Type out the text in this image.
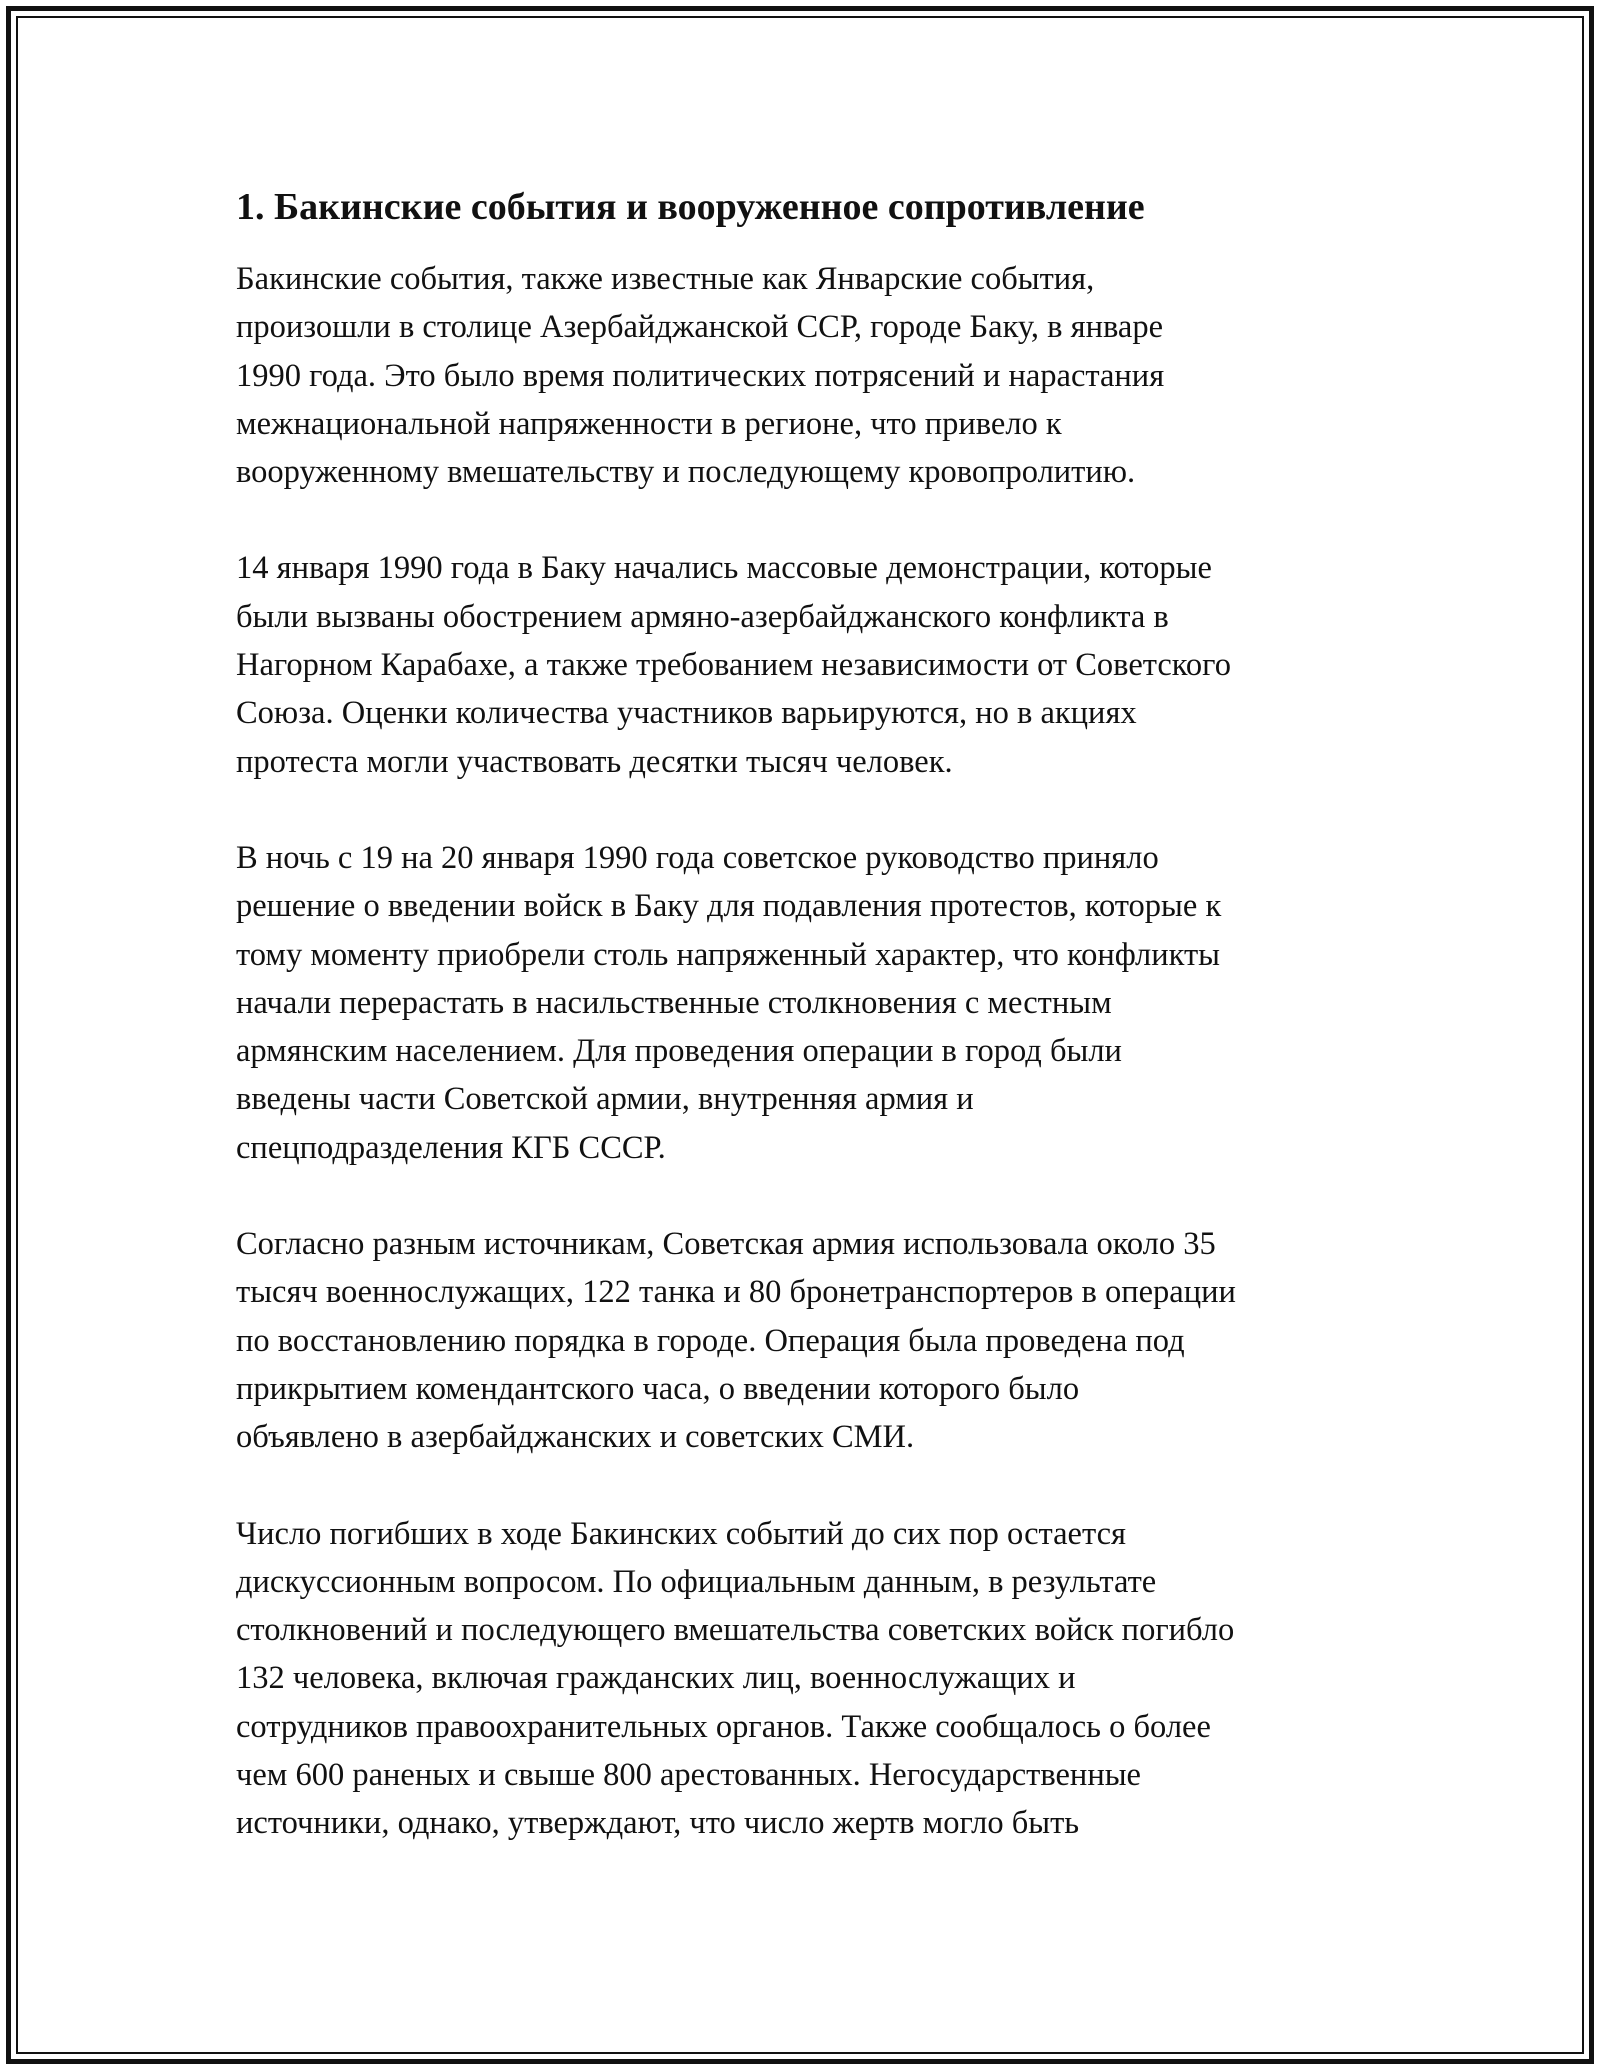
1. Бакинские события и вооруженное сопротивление

Бакинские события, также известные как Январские события,
произошли в столице Азербайджанской ССР, городе Баку, в январе
1990 года. Это было время политических потрясений и нарастания
межнациональной напряженности в регионе, что привело к
вооруженному вмешательству и последующему кровопролитию.

14 января 1990 года в Баку начались массовые демонстрации, которые
были вызваны обострением армяно-азербайджанского конфликта в
Нагорном Карабахе, а также требованием независимости от Советского
Союза. Оценки количества участников варьируются, но в акциях
протеста могли участвовать десятки тысяч человек.

В ночь с 19 на 20 января 1990 года советское руководство приняло
решение о введении войск в Баку для подавления протестов, которые к
тому моменту приобрели столь напряженный характер, что конфликты
начали перерастать в насильственные столкновения с местным
армянским населением. Для проведения операции в город были
введены части Советской армии, внутренняя армия и
спецподразделения КГБ СССР.

Согласно разным источникам, Советская армия использовала около 35
тысяч военнослужащих, 122 танка и 80 бронетранспортеров в операции
по восстановлению порядка в городе. Операция была проведена под
прикрытием комендантского часа, о введении которого было
объявлено в азербайджанских и советских СМИ.

Число погибших в ходе Бакинских событий до сих пор остается
дискуссионным вопросом. По официальным данным, в результате
столкновений и последующего вмешательства советских войск погибло
132 человека, включая гражданских лиц, военнослужащих и
сотрудников правоохранительных органов. Также сообщалось о более
чем 600 раненых и свыше 800 арестованных. Негосударственные
источники, однако, утверждают, что число жертв могло быть
